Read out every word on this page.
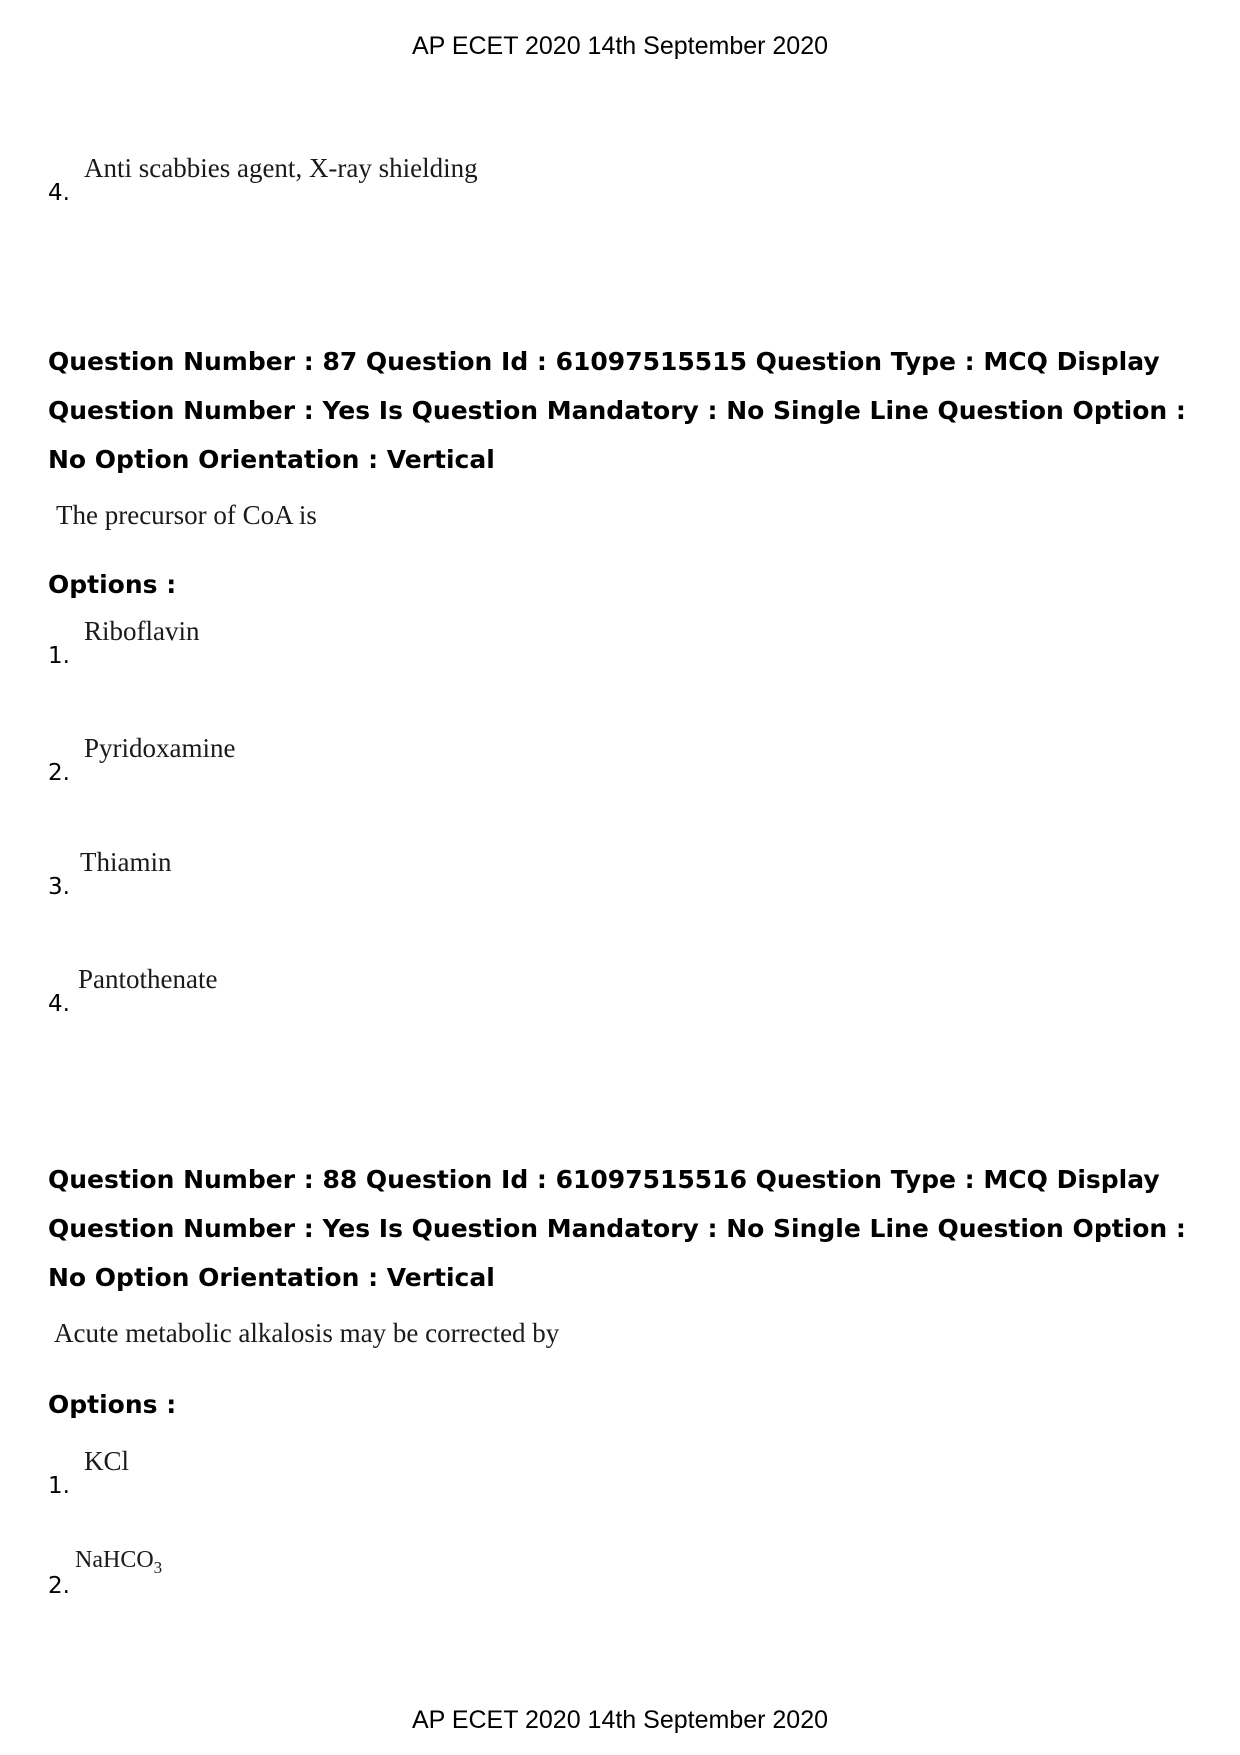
AP ECET 2020 14th September 2020
4.
Anti scabbies agent, X-ray shielding
Question Number : 87 Question Id : 61097515515 Question Type : MCQ Display Question Number : Yes Is Question Mandatory : No Single Line Question Option : No Option Orientation : Vertical
The precursor of CoA is
Options :
1.
Riboflavin
2.
Pyridoxamine
3.
Thiamin
4.
Pantothenate
Question Number : 88 Question Id : 61097515516 Question Type : MCQ Display Question Number : Yes Is Question Mandatory : No Single Line Question Option : No Option Orientation : Vertical
Acute metabolic alkalosis may be corrected by
Options :
1.
KCl
2.
NaHCO$_3$
AP ECET 2020 14th September 2020
